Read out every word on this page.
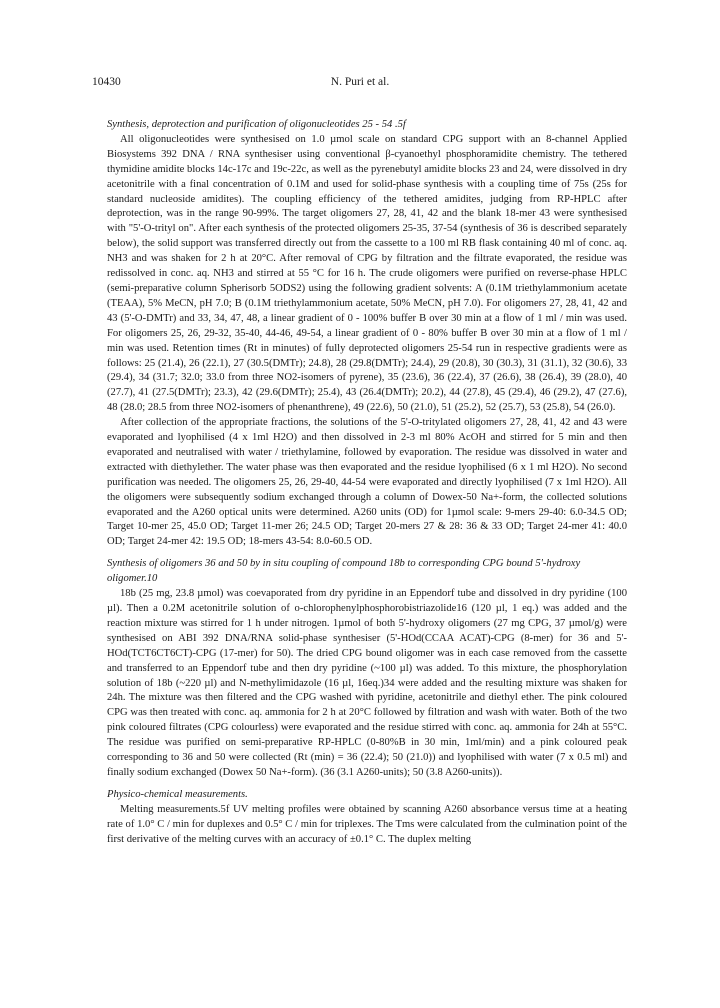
10430	N. Puri et al.

Synthesis, deprotection and purification of oligonucleotides 25 - 54 .5f

All oligonucleotides were synthesised on 1.0 µmol scale on standard CPG support with an 8-channel Applied Biosystems 392 DNA / RNA synthesiser using conventional β-cyanoethyl phosphoramidite chemistry. The tethered thymidine amidite blocks 14c-17c and 19c-22c, as well as the pyrenebutyl amidite blocks 23 and 24, were dissolved in dry acetonitrile with a final concentration of 0.1M and used for solid-phase synthesis with a coupling time of 75s (25s for standard nucleoside amidites). The coupling efficiency of the tethered amidites, judging from RP-HPLC after deprotection, was in the range 90-99%. The target oligomers 27, 28, 41, 42 and the blank 18-mer 43 were synthesised with "5'-O-trityl on". After each synthesis of the protected oligomers 25-35, 37-54 (synthesis of 36 is described separately below), the solid support was transferred directly out from the cassette to a 100 ml RB flask containing 40 ml of conc. aq. NH3 and was shaken for 2 h at 20°C. After removal of CPG by filtration and the filtrate evaporated, the residue was redissolved in conc. aq. NH3 and stirred at 55 °C for 16 h. The crude oligomers were purified on reverse-phase HPLC (semi-preparative column Spherisorb 5ODS2) using the following gradient solvents: A (0.1M triethylammonium acetate (TEAA), 5% MeCN, pH 7.0; B (0.1M triethylammonium acetate, 50% MeCN, pH 7.0). For oligomers 27, 28, 41, 42 and 43 (5'-O-DMTr) and 33, 34, 47, 48, a linear gradient of 0 - 100% buffer B over 30 min at a flow of 1 ml / min was used. For oligomers 25, 26, 29-32, 35-40, 44-46, 49-54, a linear gradient of 0 - 80% buffer B over 30 min at a flow of 1 ml / min was used. Retention times (Rt in minutes) of fully deprotected oligomers 25-54 run in respective gradients were as follows: 25 (21.4), 26 (22.1), 27 (30.5(DMTr); 24.8), 28 (29.8(DMTr); 24.4), 29 (20.8), 30 (30.3), 31 (31.1), 32 (30.6), 33 (29.4), 34 (31.7; 32.0; 33.0 from three NO2-isomers of pyrene), 35 (23.6), 36 (22.4), 37 (26.6), 38 (26.4), 39 (28.0), 40 (27.7), 41 (27.5(DMTr); 23.3), 42 (29.6(DMTr); 25.4), 43 (26.4(DMTr); 20.2), 44 (27.8), 45 (29.4), 46 (29.2), 47 (27.6), 48 (28.0; 28.5 from three NO2-isomers of phenanthrene), 49 (22.6), 50 (21.0), 51 (25.2), 52 (25.7), 53 (25.8), 54 (26.0).

After collection of the appropriate fractions, the solutions of the 5'-O-tritylated oligomers 27, 28, 41, 42 and 43 were evaporated and lyophilised (4 x 1ml H2O) and then dissolved in 2-3 ml 80% AcOH and stirred for 5 min and then evaporated and neutralised with water / triethylamine, followed by evaporation. The residue was dissolved in water and extracted with diethylether. The water phase was then evaporated and the residue lyophilised (6 x 1 ml H2O). No second purification was needed. The oligomers 25, 26, 29-40, 44-54 were evaporated and directly lyophilised (7 x 1ml H2O). All the oligomers were subsequently sodium exchanged through a column of Dowex-50 Na+-form, the collected solutions evaporated and the A260 optical units were determined. A260 units (OD) for 1µmol scale: 9-mers 29-40: 6.0-34.5 OD; Target 10-mer 25, 45.0 OD; Target 11-mer 26; 24.5 OD; Target 20-mers 27 & 28: 36 & 33 OD; Target 24-mer 41: 40.0 OD; Target 24-mer 42: 19.5 OD; 18-mers 43-54: 8.0-60.5 OD.

Synthesis of oligomers 36 and 50 by in situ coupling of compound 18b to corresponding CPG bound 5'-hydroxy oligomer.10

18b (25 mg, 23.8 µmol) was coevaporated from dry pyridine in an Eppendorf tube and dissolved in dry pyridine (100 µl). Then a 0.2M acetonitrile solution of o-chlorophenylphosphorobistriazolide16 (120 µl, 1 eq.) was added and the reaction mixture was stirred for 1 h under nitrogen. 1µmol of both 5'-hydroxy oligomers (27 mg CPG, 37 µmol/g) were synthesised on ABI 392 DNA/RNA solid-phase synthesiser (5'-HOd(CCAA ACAT)-CPG (8-mer) for 36 and 5'-HOd(TCT6CT6CT)-CPG (17-mer) for 50). The dried CPG bound oligomer was in each case removed from the cassette and transferred to an Eppendorf tube and then dry pyridine (~100 µl) was added. To this mixture, the phosphorylation solution of 18b (~220 µl) and N-methylimidazole (16 µl, 16eq.)34 were added and the resulting mixture was shaken for 24h. The mixture was then filtered and the CPG washed with pyridine, acetonitrile and diethyl ether. The pink coloured CPG was then treated with conc. aq. ammonia for 2 h at 20°C followed by filtration and wash with water. Both of the two pink coloured filtrates (CPG colourless) were evaporated and the residue stirred with conc. aq. ammonia for 24h at 55°C. The residue was purified on semi-preparative RP-HPLC (0-80%B in 30 min, 1ml/min) and a pink coloured peak corresponding to 36 and 50 were collected (Rt (min) = 36 (22.4); 50 (21.0)) and lyophilised with water (7 x 0.5 ml) and finally sodium exchanged (Dowex 50 Na+-form). (36 (3.1 A260-units); 50 (3.8 A260-units)).

Physico-chemical measurements.

Melting measurements.5f UV melting profiles were obtained by scanning A260 absorbance versus time at a heating rate of 1.0° C / min for duplexes and 0.5° C / min for triplexes. The Tms were calculated from the culmination point of the first derivative of the melting curves with an accuracy of ±0.1° C. The duplex melting
